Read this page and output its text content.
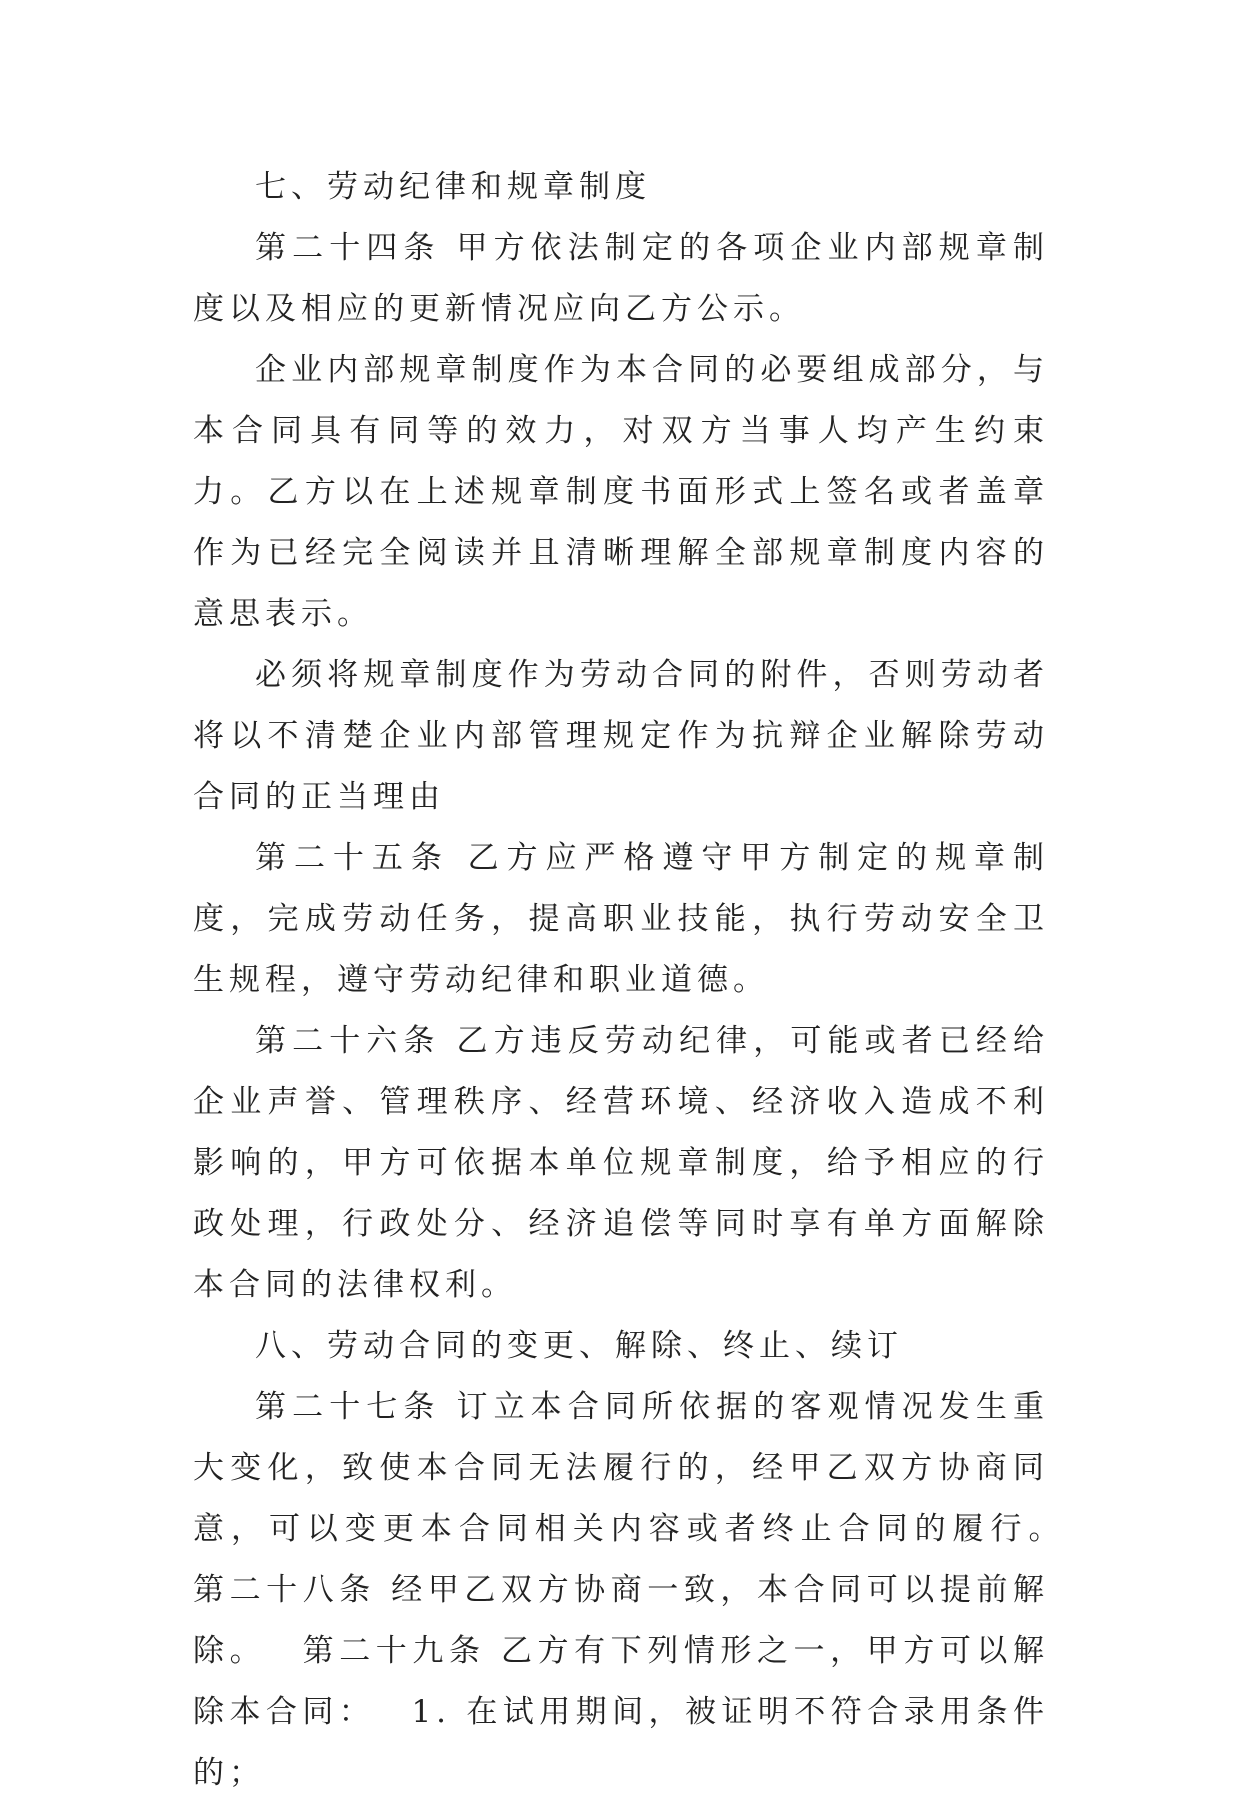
七、劳动纪律和规章制度

第二十四条 甲方依法制定的各项企业内部规章制度以及相应的更新情况应向乙方公示。

企业内部规章制度作为本合同的必要组成部分，与本合同具有同等的效力，对双方当事人均产生约束力。乙方以在上述规章制度书面形式上签名或者盖章作为已经完全阅读并且清晰理解全部规章制度内容的意思表示。

必须将规章制度作为劳动合同的附件，否则劳动者将以不清楚企业内部管理规定作为抗辩企业解除劳动合同的正当理由

第二十五条 乙方应严格遵守甲方制定的规章制度，完成劳动任务，提高职业技能，执行劳动安全卫生规程，遵守劳动纪律和职业道德。

第二十六条 乙方违反劳动纪律，可能或者已经给企业声誉、管理秩序、经营环境、经济收入造成不利影响的，甲方可依据本单位规章制度，给予相应的行政处理，行政处分、经济追偿等同时享有单方面解除本合同的法律权利。

八、劳动合同的变更、解除、终止、续订

第二十七条 订立本合同所依据的客观情况发生重大变化，致使本合同无法履行的，经甲乙双方协商同意，可以变更本合同相关内容或者终止合同的履行。　 第二十八条 经甲乙双方协商一致，本合同可以提前解除。　 第二十九条 乙方有下列情形之一，甲方可以解除本合同：　 1. 在试用期间，被证明不符合录用条件的；
